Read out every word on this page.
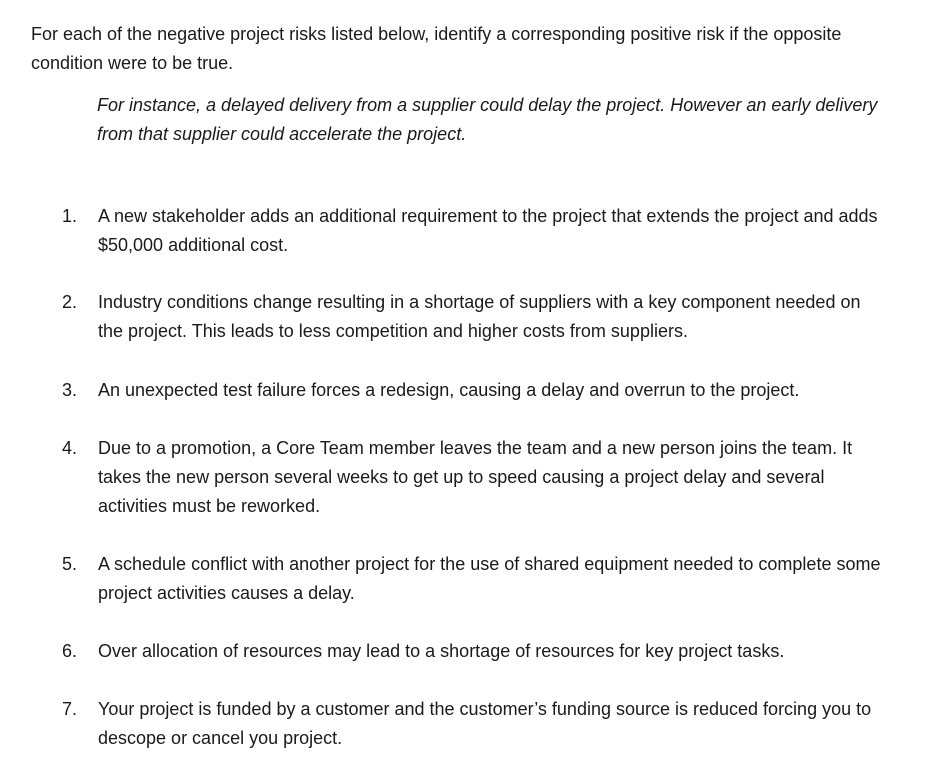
For each of the negative project risks listed below, identify a corresponding positive risk if the opposite condition were to be true.

For instance, a delayed delivery from a supplier could delay the project. However an early delivery from that supplier could accelerate the project.

1.	A new stakeholder adds an additional requirement to the project that extends the project and adds $50,000 additional cost.
2.	Industry conditions change resulting in a shortage of suppliers with a key component needed on the project. This leads to less competition and higher costs from suppliers.
3.	An unexpected test failure forces a redesign, causing a delay and overrun to the project.
4.	Due to a promotion, a Core Team member leaves the team and a new person joins the team. It takes the new person several weeks to get up to speed causing a project delay and several activities must be reworked.
5.	A schedule conflict with another project for the use of shared equipment needed to complete some project activities causes a delay.
6.	Over allocation of resources may lead to a shortage of resources for key project tasks.
7.	Your project is funded by a customer and the customer’s funding source is reduced forcing you to descope or cancel you project.
